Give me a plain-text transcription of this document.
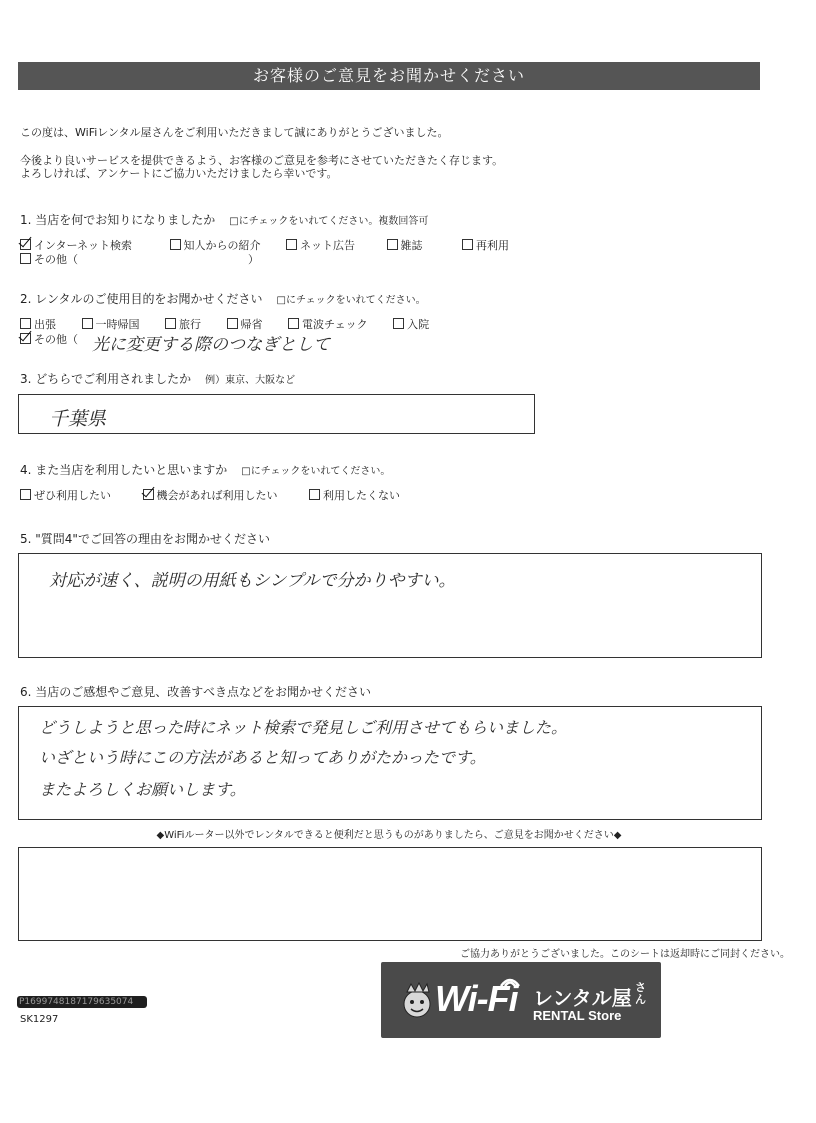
お客様のご意見をお聞かせください
この度は、WiFiレンタル屋さんをご利用いただきまして誠にありがとうございました。
今後より良いサービスを提供できるよう、お客様のご意見を参考にさせていただきたく存じます。
よろしければ、アンケートにご協力いただけましたら幸いです。
1. 当店を何でお知りになりましたか □にチェックをいれてください。複数回答可
インターネット検索	知人からの紹介	ネット広告	雑誌	再利用
その他（	）
2. レンタルのご使用目的をお聞かせください □にチェックをいれてください。
出張	一時帰国	旅行	帰省	電波チェック	入院
その他（ 光に変更する際のつなぎとして
3. どちらでご利用されましたか 例）東京、大阪など
千葉県
4. また当店を利用したいと思いますか □にチェックをいれてください。
ぜひ利用したい	機会があれば利用したい	利用したくない
5. "質問4"でご回答の理由をお聞かせください
対応が速く、説明の用紙もシンプルで分かりやすい。
6. 当店のご感想やご意見、改善すべき点などをお聞かせください
どうしようと思った時にネット検索で発見しご利用させてもらいました。
いざという時にこの方法があると知ってありがたかったです。
またよろしくお願いします。
◆WiFiルーター以外でレンタルできると便利だと思うものがありましたら、ご意見をお聞かせください◆
ご協力ありがとうございました。このシートは返却時にご同封ください。
P1699748187179635074
SK1297
Wi-Fi レンタル屋 さん
RENTAL Store
